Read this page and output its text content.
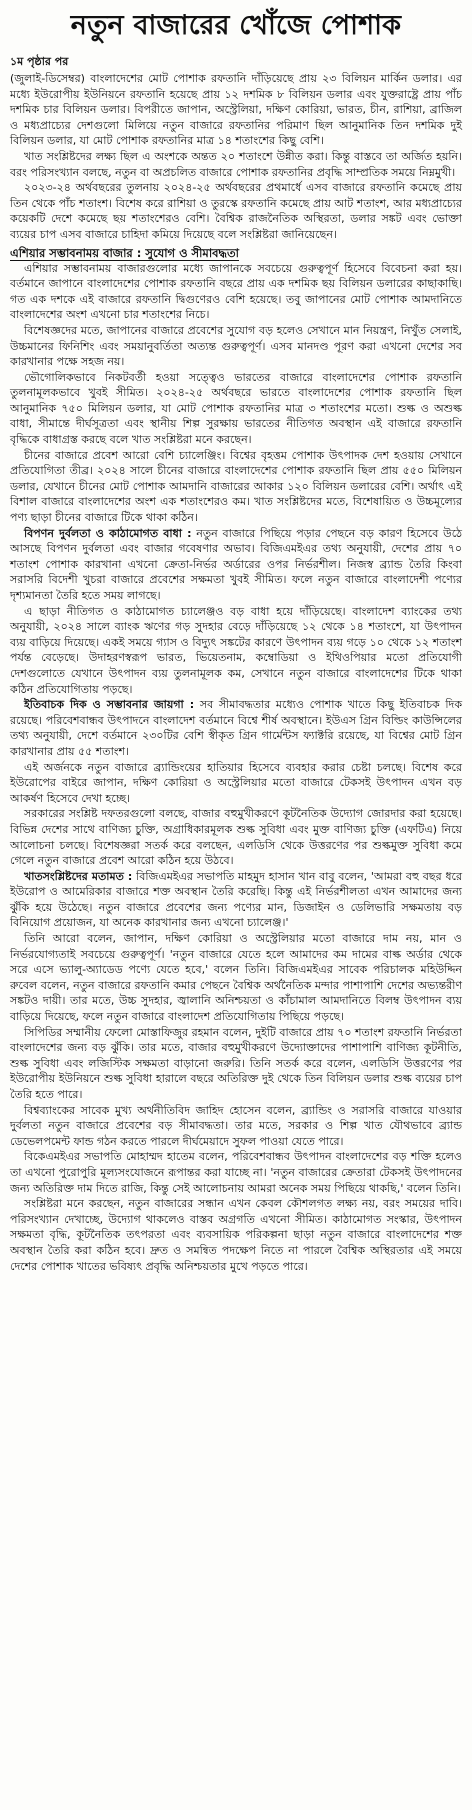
নতুন বাজারের খোঁজে পোশাক
১ম পৃষ্ঠার পর

(জুলাই-ডিসেম্বর) বাংলাদেশের মোট পোশাক রফতানি দাঁড়িয়েছে প্রায় ২৩ বিলিয়ন মার্কিন ডলার। এর মধ্যে ইউরোপীয় ইউনিয়নে রফতানি হয়েছে প্রায় ১২ দশমিক ৮ বিলিয়ন ডলার এবং যুক্তরাষ্ট্রে প্রায় পাঁচ দশমিক চার বিলিয়ন ডলার। বিপরীতে জাপান, অস্ট্রেলিয়া, দক্ষিণ কোরিয়া, ভারত, চীন, রাশিয়া, ব্রাজিল ও মধ্যপ্রাচ্যের দেশগুলো মিলিয়ে নতুন বাজারে রফতানির পরিমাণ ছিল আনুমানিক তিন দশমিক দুই বিলিয়ন ডলার, যা মোট পোশাক রফতানির মাত্র ১৪ শতাংশের কিছু বেশি।

খাত সংশ্লিষ্টদের লক্ষ্য ছিল এ অংশকে অন্তত ২০ শতাংশে উন্নীত করা। কিন্তু বাস্তবে তা অর্জিত হয়নি। বরং পরিসংখ্যান বলছে, নতুন বা অপ্রচলিত বাজারে পোশাক রফতানির প্রবৃদ্ধি সাম্প্রতিক সময়ে নিম্নমুখী।

২০২৩-২৪ অর্থবছরের তুলনায় ২০২৪-২৫ অর্থবছরের প্রথমার্ধে এসব বাজারে রফতানি কমেছে প্রায় তিন থেকে পাঁচ শতাংশ। বিশেষ করে রাশিয়া ও তুরস্কে রফতানি কমেছে প্রায় আট শতাংশ, আর মধ্যপ্রাচ্যের কয়েকটি দেশে কমেছে ছয় শতাংশেরও বেশি। বৈশ্বিক রাজনৈতিক অস্থিরতা, ডলার সঙ্কট এবং ভোক্তা ব্যয়ের চাপ এসব বাজারে চাহিদা কমিয়ে দিয়েছে বলে সংশ্লিষ্টরা জানিয়েছেন।

এশিয়ার সম্ভাবনাময় বাজার : সুযোগ ও সীমাবদ্ধতা

এশিয়ার সম্ভাবনাময় বাজারগুলোর মধ্যে জাপানকে সবচেয়ে গুরুত্বপূর্ণ হিসেবে বিবেচনা করা হয়। বর্তমানে জাপানে বাংলাদেশের পোশাক রফতানি বছরে প্রায় এক দশমিক ছয় বিলিয়ন ডলারের কাছাকাছি। গত এক দশকে এই বাজারে রফতানি দ্বিগুণেরও বেশি হয়েছে। তবু জাপানের মোট পোশাক আমদানিতে বাংলাদেশের অংশ এখনো চার শতাংশের নিচে।

বিশেষজ্ঞদের মতে, জাপানের বাজারে প্রবেশের সুযোগ বড় হলেও সেখানে মান নিয়ন্ত্রণ, নিখুঁত সেলাই, উচ্চমানের ফিনিশিং এবং সময়ানুবর্তিতা অত্যন্ত গুরুত্বপূর্ণ। এসব মানদণ্ড পূরণ করা এখনো দেশের সব কারখানার পক্ষে সহজ নয়।

ভৌগোলিকভাবে নিকটবর্তী হওয়া সত্ত্বেও ভারতের বাজারে বাংলাদেশের পোশাক রফতানি তুলনামূলকভাবে খুবই সীমিত। ২০২৪-২৫ অর্থবছরে ভারতে বাংলাদেশের পোশাক রফতানি ছিল আনুমানিক ৭৫০ মিলিয়ন ডলার, যা মোট পোশাক রফতানির মাত্র ৩ শতাংশের মতো। শুল্ক ও অশুল্ক বাধা, সীমান্তে দীর্ঘসূত্রতা এবং স্থানীয় শিল্প সুরক্ষায় ভারতের নীতিগত অবস্থান এই বাজারে রফতানি বৃদ্ধিকে বাধাগ্রস্ত করছে বলে খাত সংশ্লিষ্টরা মনে করছেন।

চীনের বাজারে প্রবেশ আরো বেশি চ্যালেঞ্জিং। বিশ্বের বৃহত্তম পোশাক উৎপাদক দেশ হওয়ায় সেখানে প্রতিযোগিতা তীব্র। ২০২৪ সালে চীনের বাজারে বাংলাদেশের পোশাক রফতানি ছিল প্রায় ৫৫০ মিলিয়ন ডলার, যেখানে চীনের মোট পোশাক আমদানি বাজারের আকার ১২০ বিলিয়ন ডলারের বেশি। অর্থাৎ এই বিশাল বাজারে বাংলাদেশের অংশ এক শতাংশেরও কম। খাত সংশ্লিষ্টদের মতে, বিশেষায়িত ও উচ্চমূল্যের পণ্য ছাড়া চীনের বাজারে টিকে থাকা কঠিন।

বিপণন দুর্বলতা ও কাঠামোগত বাধা : নতুন বাজারে পিছিয়ে পড়ার পেছনে বড় কারণ হিসেবে উঠে আসছে বিপণন দুর্বলতা এবং বাজার গবেষণার অভাব। বিজিএমইএর তথ্য অনুযায়ী, দেশের প্রায় ৭০ শতাংশ পোশাক কারখানা এখনো ক্রেতা-নির্ভর অর্ডারের ওপর নির্ভরশীল। নিজস্ব ব্র্যান্ড তৈরি কিংবা সরাসরি বিদেশী খুচরা বাজারে প্রবেশের সক্ষমতা খুবই সীমিত। ফলে নতুন বাজারে বাংলাদেশী পণ্যের দৃশ্যমানতা তৈরি হতে সময় লাগছে।

এ ছাড়া নীতিগত ও কাঠামোগত চ্যালেঞ্জও বড় বাধা হয়ে দাঁড়িয়েছে। বাংলাদেশ ব্যাংকের তথ্য অনুযায়ী, ২০২৪ সালে ব্যাংক ঋণের গড় সুদহার বেড়ে দাঁড়িয়েছে ১২ থেকে ১৪ শতাংশে, যা উৎপাদন ব্যয় বাড়িয়ে দিয়েছে। একই সময়ে গ্যাস ও বিদ্যুৎ সঙ্কটের কারণে উৎপাদন ব্যয় গড়ে ১০ থেকে ১২ শতাংশ পর্যন্ত বেড়েছে। উদাহরণস্বরূপ ভারত, ভিয়েতনাম, কম্বোডিয়া ও ইথিওপিয়ার মতো প্রতিযোগী দেশগুলোতে যেখানে উৎপাদন ব্যয় তুলনামূলক কম, সেখানে নতুন বাজারে বাংলাদেশের টিকে থাকা কঠিন প্রতিযোগিতায় পড়ছে।

ইতিবাচক দিক ও সম্ভাবনার জায়গা : সব সীমাবদ্ধতার মধ্যেও পোশাক খাতে কিছু ইতিবাচক দিক রয়েছে। পরিবেশবান্ধব উৎপাদনে বাংলাদেশ বর্তমানে বিশ্বে শীর্ষ অবস্থানে। ইউএস গ্রিন বিল্ডিং কাউন্সিলের তথ্য অনুযায়ী, দেশে বর্তমানে ২৩০টির বেশি স্বীকৃত গ্রিন গার্মেন্টস ফ্যাক্টরি রয়েছে, যা বিশ্বের মোট গ্রিন কারখানার প্রায় ৫৫ শতাংশ।

এই অর্জনকে নতুন বাজারে ব্র্যান্ডিংয়ের হাতিয়ার হিসেবে ব্যবহার করার চেষ্টা চলছে। বিশেষ করে ইউরোপের বাইরে জাপান, দক্ষিণ কোরিয়া ও অস্ট্রেলিয়ার মতো বাজারে টেকসই উৎপাদন এখন বড় আকর্ষণ হিসেবে দেখা হচ্ছে।

সরকারের সংশ্লিষ্ট দফতরগুলো বলছে, বাজার বহুমুখীকরণে কূটনৈতিক উদ্যোগ জোরদার করা হয়েছে। বিভিন্ন দেশের সাথে বাণিজ্য চুক্তি, অগ্রাধিকারমূলক শুল্ক সুবিধা এবং মুক্ত বাণিজ্য চুক্তি (এফটিএ) নিয়ে আলোচনা চলছে। বিশেষজ্ঞরা সতর্ক করে বলছেন, এলডিসি থেকে উত্তরণের পর শুল্কমুক্ত সুবিধা কমে গেলে নতুন বাজারে প্রবেশ আরো কঠিন হয়ে উঠবে।

খাতসংশ্লিষ্টদের মতামত : বিজিএমইএর সভাপতি মাহমুদ হাসান খান বাবু বলেন, 'আমরা বহু বছর ধরে ইউরোপ ও আমেরিকার বাজারে শক্ত অবস্থান তৈরি করেছি। কিন্তু এই নির্ভরশীলতা এখন আমাদের জন্য ঝুঁকি হয়ে উঠেছে। নতুন বাজারে প্রবেশের জন্য পণ্যের মান, ডিজাইন ও ডেলিভারি সক্ষমতায় বড় বিনিয়োগ প্রয়োজন, যা অনেক কারখানার জন্য এখনো চ্যালেঞ্জ।'

তিনি আরো বলেন, জাপান, দক্ষিণ কোরিয়া ও অস্ট্রেলিয়ার মতো বাজারে দাম নয়, মান ও নির্ভরযোগ্যতাই সবচেয়ে গুরুত্বপূর্ণ। 'নতুন বাজারে যেতে হলে আমাদের কম দামের বাল্ক অর্ডার থেকে সরে এসে ভ্যালু-অ্যাডেড পণ্যে যেতে হবে,' বলেন তিনি। বিজিএমইএর সাবেক পরিচালক মহিউদ্দিন রুবেল বলেন, নতুন বাজারে রফতানি কমার পেছনে বৈশ্বিক অর্থনৈতিক মন্দার পাশাপাশি দেশের অভ্যন্তরীণ সঙ্কটও দায়ী। তার মতে, উচ্চ সুদহার, জ্বালানি অনিশ্চয়তা ও কাঁচামাল আমদানিতে বিলম্ব উৎপাদন ব্যয় বাড়িয়ে দিয়েছে, ফলে নতুন বাজারে বাংলাদেশ প্রতিযোগিতায় পিছিয়ে পড়ছে।

সিপিডির সম্মানীয় ফেলো মোস্তাফিজুর রহমান বলেন, দুইটি বাজারে প্রায় ৭০ শতাংশ রফতানি নির্ভরতা বাংলাদেশের জন্য বড় ঝুঁকি। তার মতে, বাজার বহুমুখীকরণে উদ্যোক্তাদের পাশাপাশি বাণিজ্য কূটনীতি, শুল্ক সুবিধা এবং লজিস্টিক সক্ষমতা বাড়ানো জরুরি। তিনি সতর্ক করে বলেন, এলডিসি উত্তরণের পর ইউরোপীয় ইউনিয়নে শুল্ক সুবিধা হারালে বছরে অতিরিক্ত দুই থেকে তিন বিলিয়ন ডলার শুল্ক ব্যয়ের চাপ তৈরি হতে পারে।

বিশ্বব্যাংকের সাবেক মুখ্য অর্থনীতিবিদ জাহিদ হোসেন বলেন, ব্র্যান্ডিং ও সরাসরি বাজারে যাওয়ার দুর্বলতা নতুন বাজারে প্রবেশের বড় সীমাবদ্ধতা। তার মতে, সরকার ও শিল্প খাত যৌথভাবে ব্র্যান্ড ডেভেলপমেন্ট ফান্ড গঠন করতে পারলে দীর্ঘমেয়াদে সুফল পাওয়া যেতে পারে।

বিকেএমইএর সভাপতি মোহাম্মদ হাতেম বলেন, পরিবেশবান্ধব উৎপাদন বাংলাদেশের বড় শক্তি হলেও তা এখনো পুরোপুরি মূল্যসংযোজনে রূপান্তর করা যাচ্ছে না। 'নতুন বাজারের ক্রেতারা টেকসই উৎপাদনের জন্য অতিরিক্ত দাম দিতে রাজি, কিন্তু সেই আলোচনায় আমরা অনেক সময় পিছিয়ে থাকছি,' বলেন তিনি।

সংশ্লিষ্টরা মনে করছেন, নতুন বাজারের সন্ধান এখন কেবল কৌশলগত লক্ষ্য নয়, বরং সময়ের দাবি। পরিসংখ্যান দেখাচ্ছে, উদ্যোগ থাকলেও বাস্তব অগ্রগতি এখনো সীমিত। কাঠামোগত সংস্কার, উৎপাদন সক্ষমতা বৃদ্ধি, কূটনৈতিক তৎপরতা এবং ব্যবসায়িক পরিকল্পনা ছাড়া নতুন বাজারে বাংলাদেশের শক্ত অবস্থান তৈরি করা কঠিন হবে। দ্রুত ও সমন্বিত পদক্ষেপ নিতে না পারলে বৈশ্বিক অস্থিরতার এই সময়ে দেশের পোশাক খাতের ভবিষ্যৎ প্রবৃদ্ধি অনিশ্চয়তার মুখে পড়তে পারে।
